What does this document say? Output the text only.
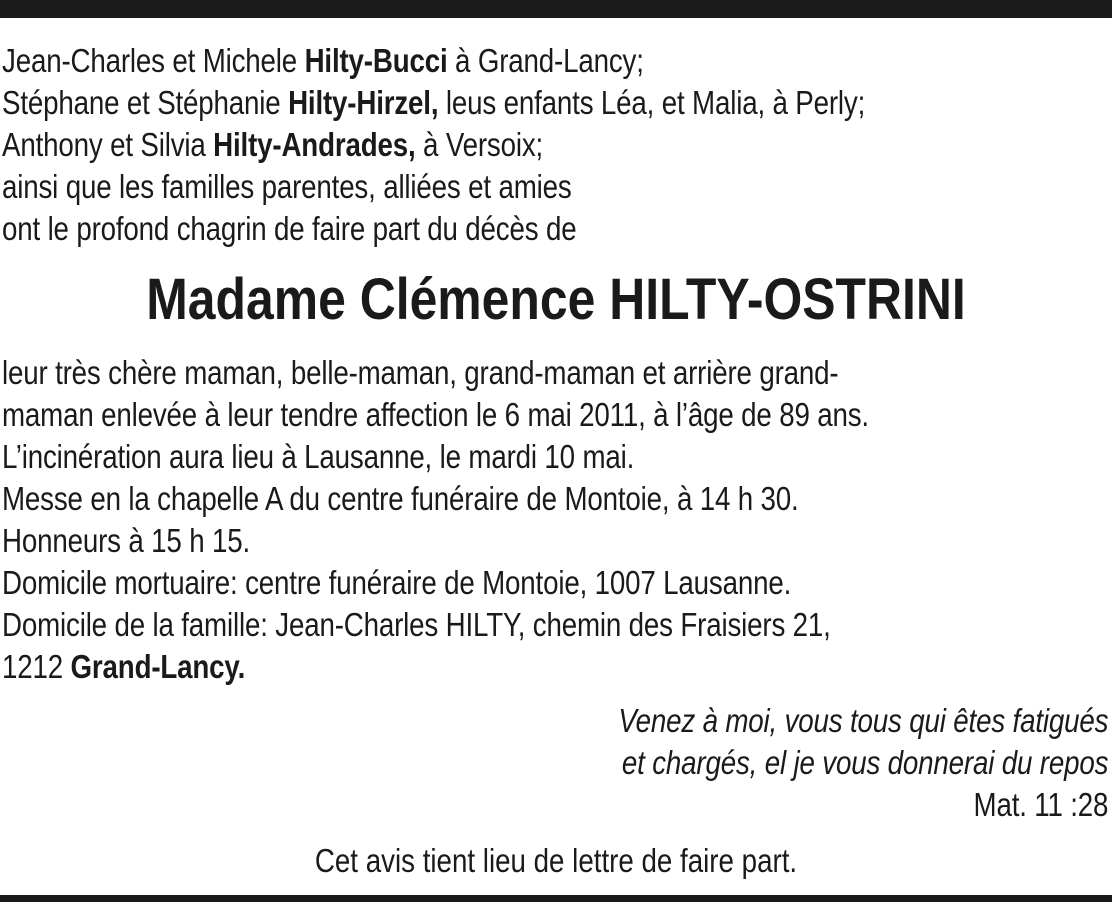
Jean-Charles et Michele Hilty-Bucci à Grand-Lancy;
Stéphane et Stéphanie Hilty-Hirzel, leus enfants Léa, et Malia, à Perly;
Anthony et Silvia Hilty-Andrades, à Versoix;
ainsi que les familles parentes, alliées et amies
ont le profond chagrin de faire part du décès de
Madame Clémence HILTY-OSTRINI
leur très chère maman, belle-maman, grand-maman et arrière grand-
maman enlevée à leur tendre affection le 6 mai 2011, à l’âge de 89 ans.
L’incinération aura lieu à Lausanne, le mardi 10 mai.
Messe en la chapelle A du centre funéraire de Montoie, à 14 h 30.
Honneurs à 15 h 15.
Domicile mortuaire: centre funéraire de Montoie, 1007 Lausanne.
Domicile de la famille: Jean-Charles HILTY, chemin des Fraisiers 21,
1212 Grand-Lancy.
Venez à moi, vous tous qui êtes fatigués
et chargés, el je vous donnerai du repos
Mat. 11 :28
Cet avis tient lieu de lettre de faire part.
